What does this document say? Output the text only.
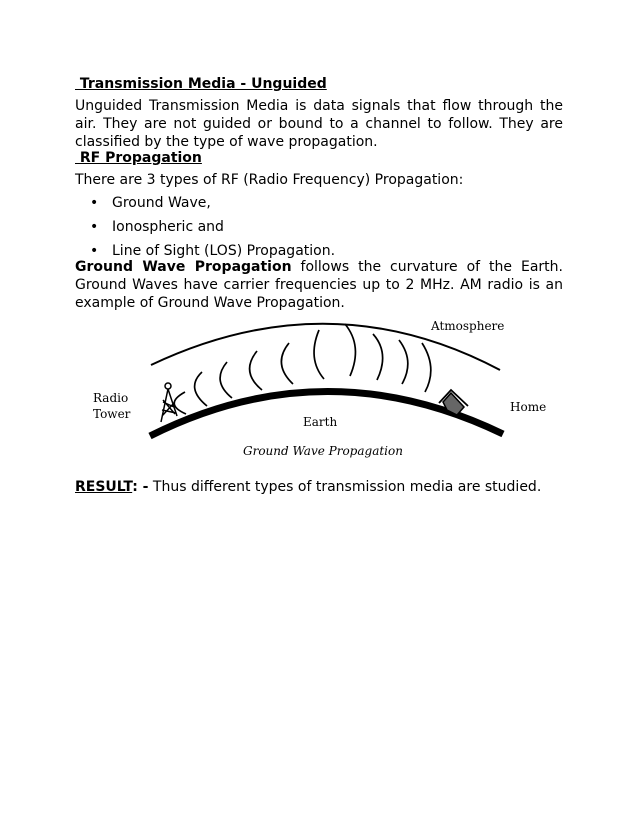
Transmission Media - Unguided

Unguided Transmission Media is data signals that flow through the air. They are not guided or bound to a channel to follow. They are classified by the type of wave propagation.

RF Propagation

There are 3 types of RF (Radio Frequency) Propagation:

• Ground Wave,
• Ionospheric and
• Line of Sight (LOS) Propagation.

Ground Wave Propagation follows the curvature of the Earth. Ground Waves have carrier frequencies up to 2 MHz. AM radio is an example of Ground Wave Propagation.

Atmosphere
Radio
Tower	Home
Earth
Ground Wave Propagation

RESULT: - Thus different types of transmission media are studied.
